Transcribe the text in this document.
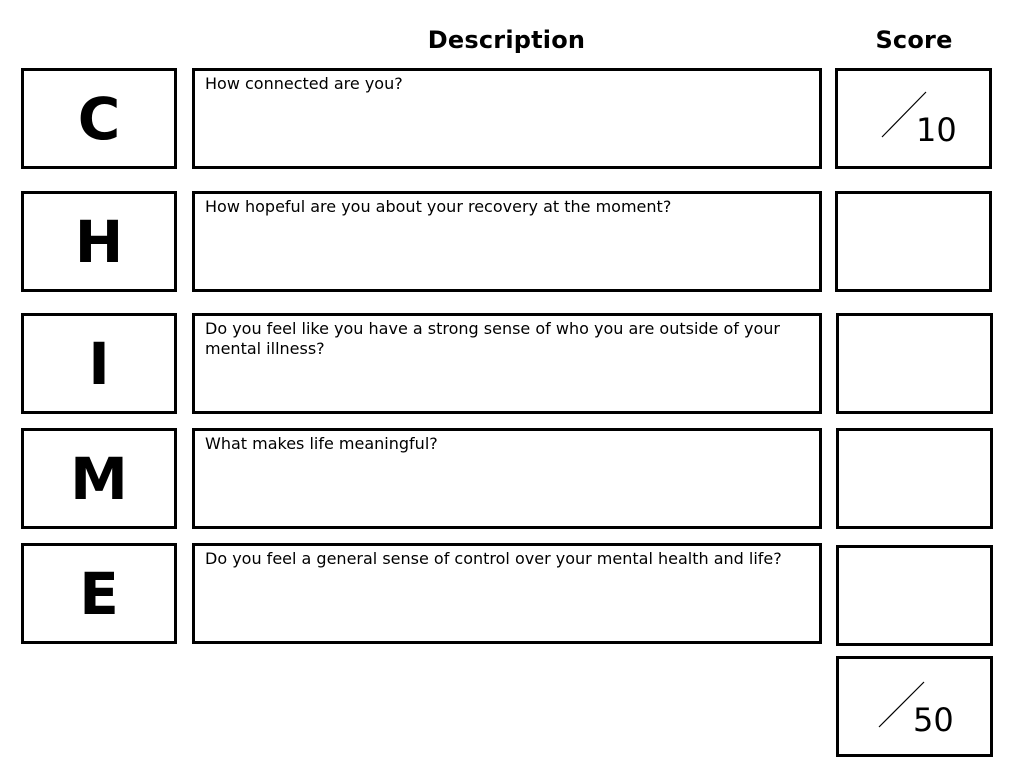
Description	Score
C
How connected are you?
10
H
How hopeful are you about your recovery at the moment?
I
Do you feel like you have a strong sense of who you are outside of your mental illness?
M
What makes life meaningful?
E
Do you feel a general sense of control over your mental health and life?
50
